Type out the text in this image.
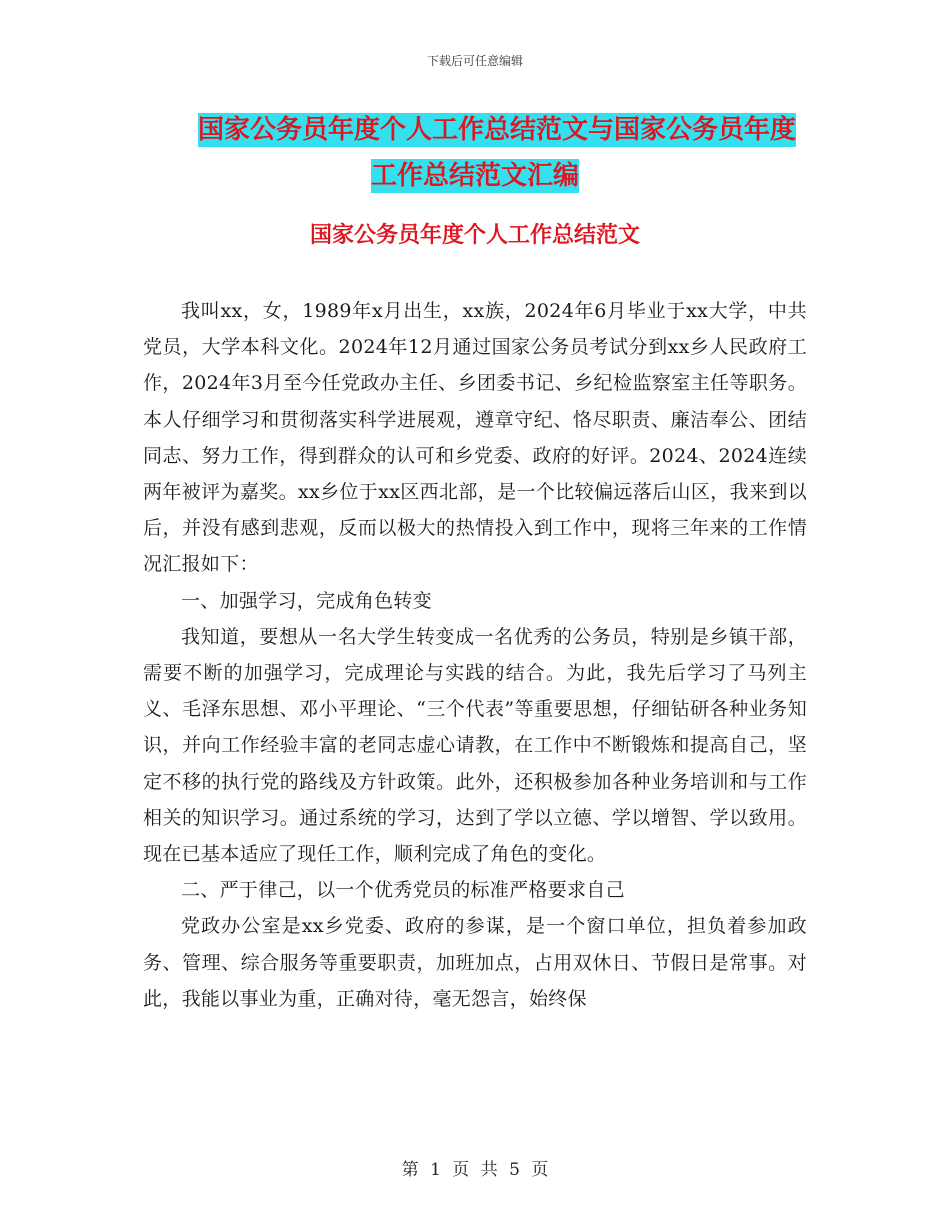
下载后可任意编辑
国家公务员年度个人工作总结范文与国家公务员年度
工作总结范文汇编
国家公务员年度个人工作总结范文

我叫xx，女，1989年x月出生，xx族，2024年6月毕业于xx大学，中共党员，大学本科文化。2024年12月通过国家公务员考试分到xx乡人民政府工作，2024年3月至今任党政办主任、乡团委书记、乡纪检监察室主任等职务。本人仔细学习和贯彻落实科学进展观，遵章守纪、恪尽职责、廉洁奉公、团结同志、努力工作，得到群众的认可和乡党委、政府的好评。2024、2024连续两年被评为嘉奖。xx乡位于xx区西北部，是一个比较偏远落后山区，我来到以后，并没有感到悲观，反而以极大的热情投入到工作中，现将三年来的工作情况汇报如下：

一、加强学习，完成角色转变

我知道，要想从一名大学生转变成一名优秀的公务员，特别是乡镇干部，需要不断的加强学习，完成理论与实践的结合。为此，我先后学习了马列主义、毛泽东思想、邓小平理论、“三个代表”等重要思想，仔细钻研各种业务知识，并向工作经验丰富的老同志虚心请教，在工作中不断锻炼和提高自己，坚定不移的执行党的路线及方针政策。此外，还积极参加各种业务培训和与工作相关的知识学习。通过系统的学习，达到了学以立德、学以增智、学以致用。现在已基本适应了现任工作，顺利完成了角色的变化。

二、严于律己，以一个优秀党员的标准严格要求自己

党政办公室是xx乡党委、政府的参谋，是一个窗口单位，担负着参加政务、管理、综合服务等重要职责，加班加点，占用双休日、节假日是常事。对此，我能以事业为重，正确对待，毫无怨言，始终保

第 1 页 共 5 页
